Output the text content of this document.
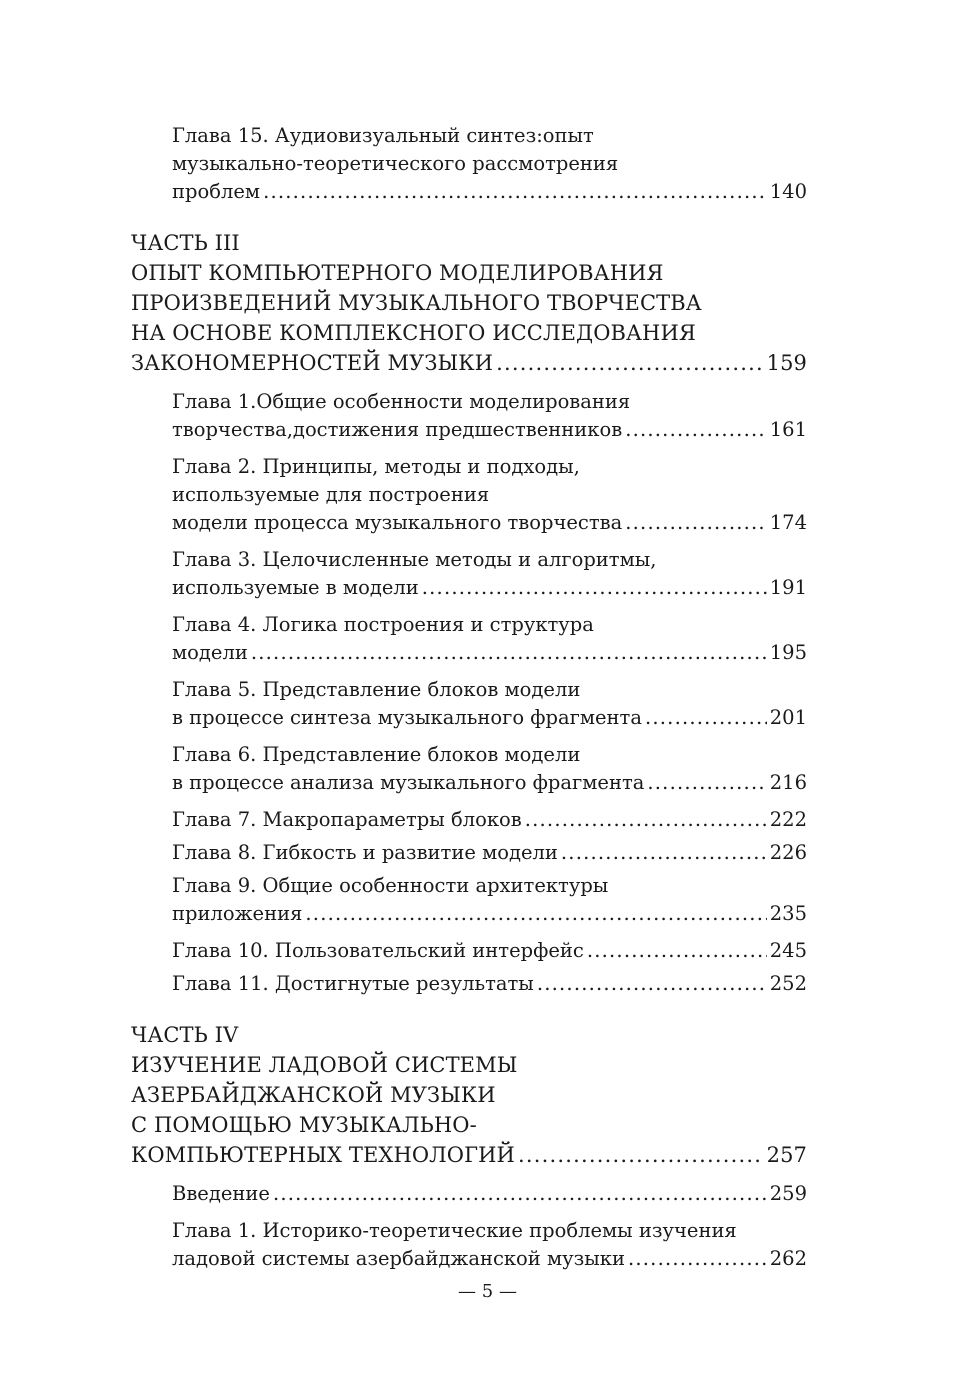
Глава 15. Аудиовизуальный синтез:опыт
музыкально-теоретического рассмотрения
проблем .....	140
ЧАСТЬ III
ОПЫТ КОМПЬЮТЕРНОГО МОДЕЛИРОВАНИЯ
ПРОИЗВЕДЕНИЙ МУЗЫКАЛЬНОГО ТВОРЧЕСТВА
НА ОСНОВЕ КОМПЛЕКСНОГО ИССЛЕДОВАНИЯ
ЗАКОНОМЕРНОСТЕЙ МУЗЫКИ .....	159
Глава 1.Общие особенности моделирования
творчества,достижения предшественников .....	161
Глава 2. Принципы, методы и подходы,
используемые для построения
модели процесса музыкального творчества .....	174
Глава 3. Целочисленные методы и алгоритмы,
используемые в модели .....	191
Глава 4. Логика построения и структура
модели .....	195
Глава 5. Представление блоков модели
в процессе синтеза музыкального фрагмента .....	201
Глава 6. Представление блоков модели
в процессе анализа музыкального фрагмента .....	216
Глава 7. Макропараметры блоков .....	222
Глава 8. Гибкость и развитие модели .....	226
Глава 9. Общие особенности архитектуры
приложения .....	235
Глава 10. Пользовательский интерфейс .....	245
Глава 11. Достигнутые результаты .....	252
ЧАСТЬ IV
ИЗУЧЕНИЕ ЛАДОВОЙ СИСТЕМЫ
АЗЕРБАЙДЖАНСКОЙ МУЗЫКИ
С ПОМОЩЬЮ МУЗЫКАЛЬНО-
КОМПЬЮТЕРНЫХ ТЕХНОЛОГИЙ .....	257
Введение .....	259
Глава 1. Историко-теоретические проблемы изучения
ладовой системы азербайджанской музыки .....	262
— 5 —
